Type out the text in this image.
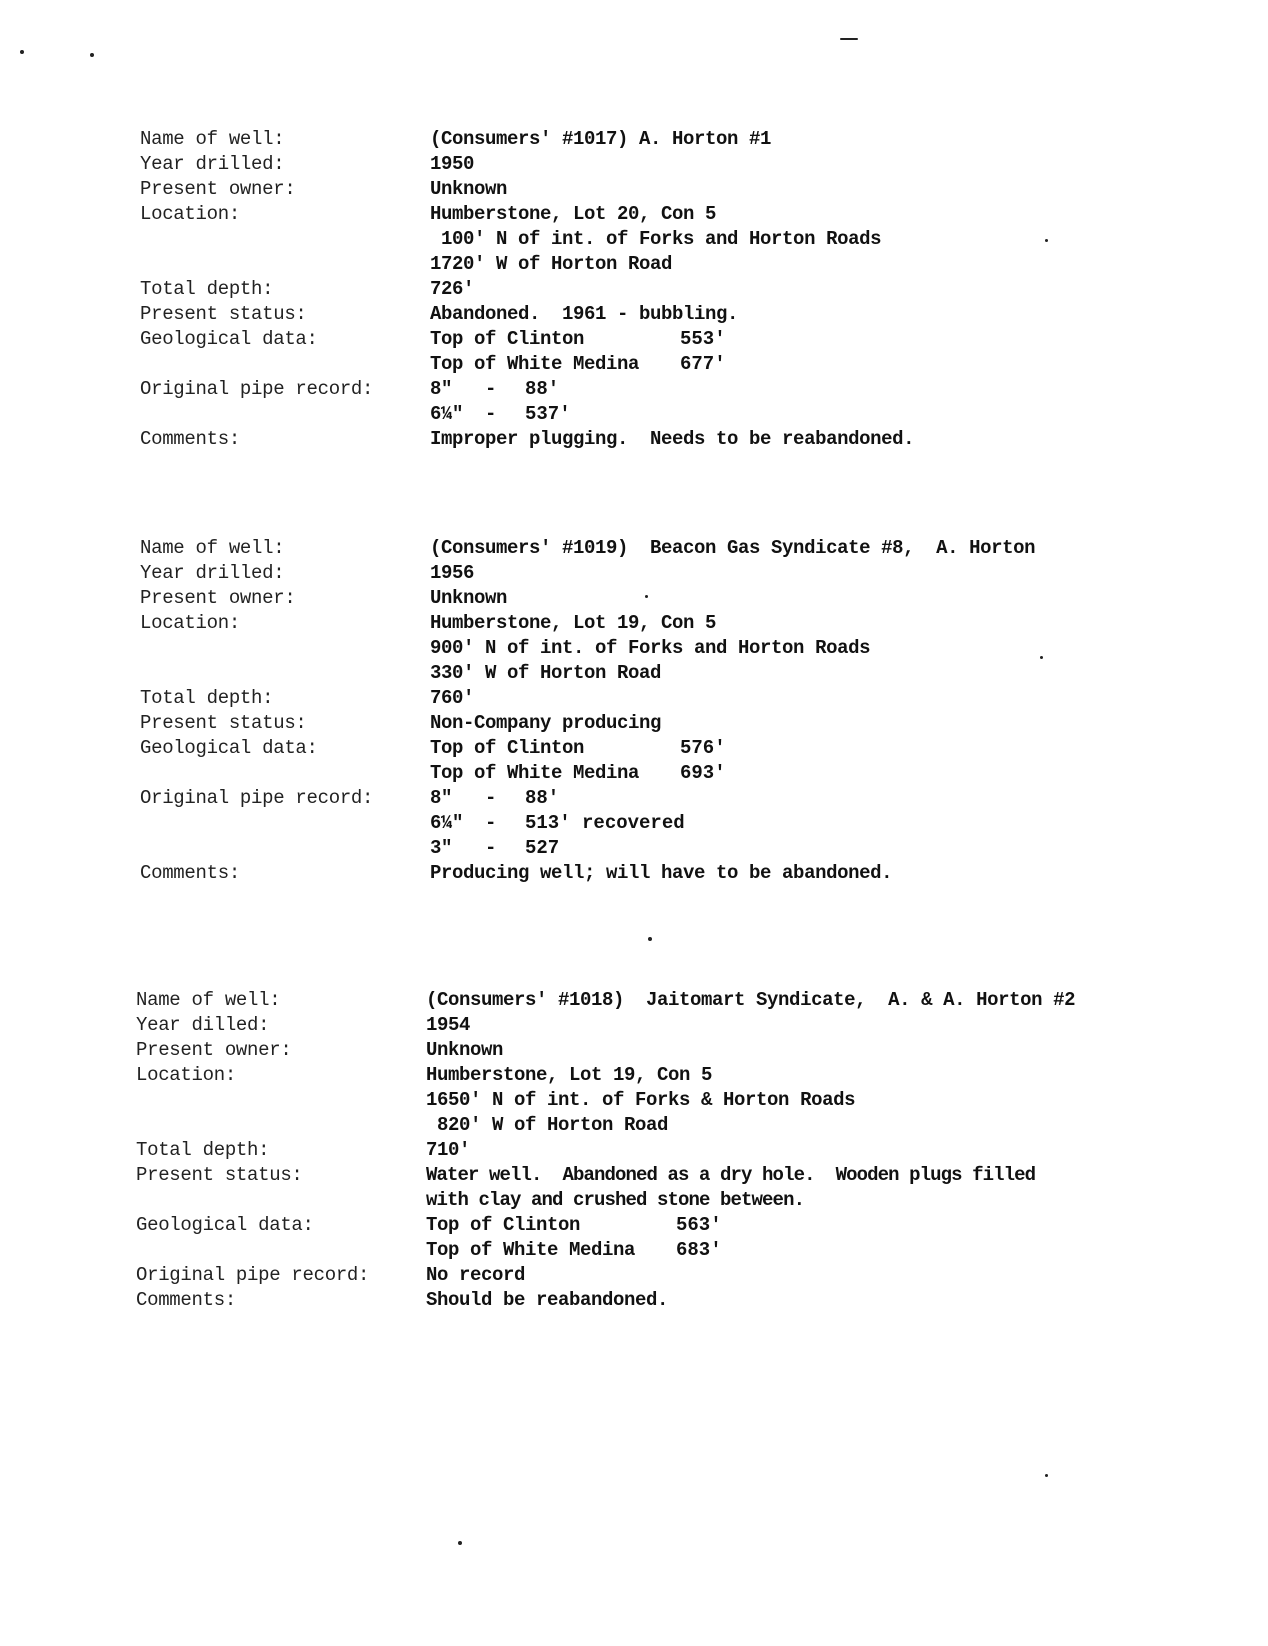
Name of well:	(Consumers' #1017) A. Horton #1
Year drilled:	1950
Present owner:	Unknown
Location:	Humberstone, Lot 20, Con 5
100' N of int. of Forks and Horton Roads
1720' W of Horton Road
Total depth:	726'
Present status:	Abandoned.  1961 - bubbling.
Geological data:	Top of Clinton	553'
Top of White Medina 677'
Original pipe record:	8" - 88'
6¼" - 537'
Comments:	Improper plugging.  Needs to be reabandoned.
Name of well:	(Consumers' #1019)  Beacon Gas Syndicate #8,  A. Horton
Year drilled:	1956
Present owner:	Unknown
Location:	Humberstone, Lot 19, Con 5
900' N of int. of Forks and Horton Roads
330' W of Horton Road
Total depth:	760'
Present status:	Non-Company producing
Geological data:	Top of Clinton	576'
Top of White Medina 693'
Original pipe record:	8" - 88'
6¼" - 513' recovered
3" - 527
Comments:	Producing well; will have to be abandoned.
Name of well:	(Consumers' #1018)  Jaitomart Syndicate,  A. & A. Horton #2
Year dilled:	1954
Present owner:	Unknown
Location:	Humberstone, Lot 19, Con 5
1650' N of int. of Forks & Horton Roads
820' W of Horton Road
Total depth:	710'
Present status:	Water well.  Abandoned as a dry hole.  Wooden plugs filled
with clay and crushed stone between.
Geological data:	Top of Clinton	563'
Top of White Medina 683'
Original pipe record:	No record
Comments:	Should be reabandoned.
